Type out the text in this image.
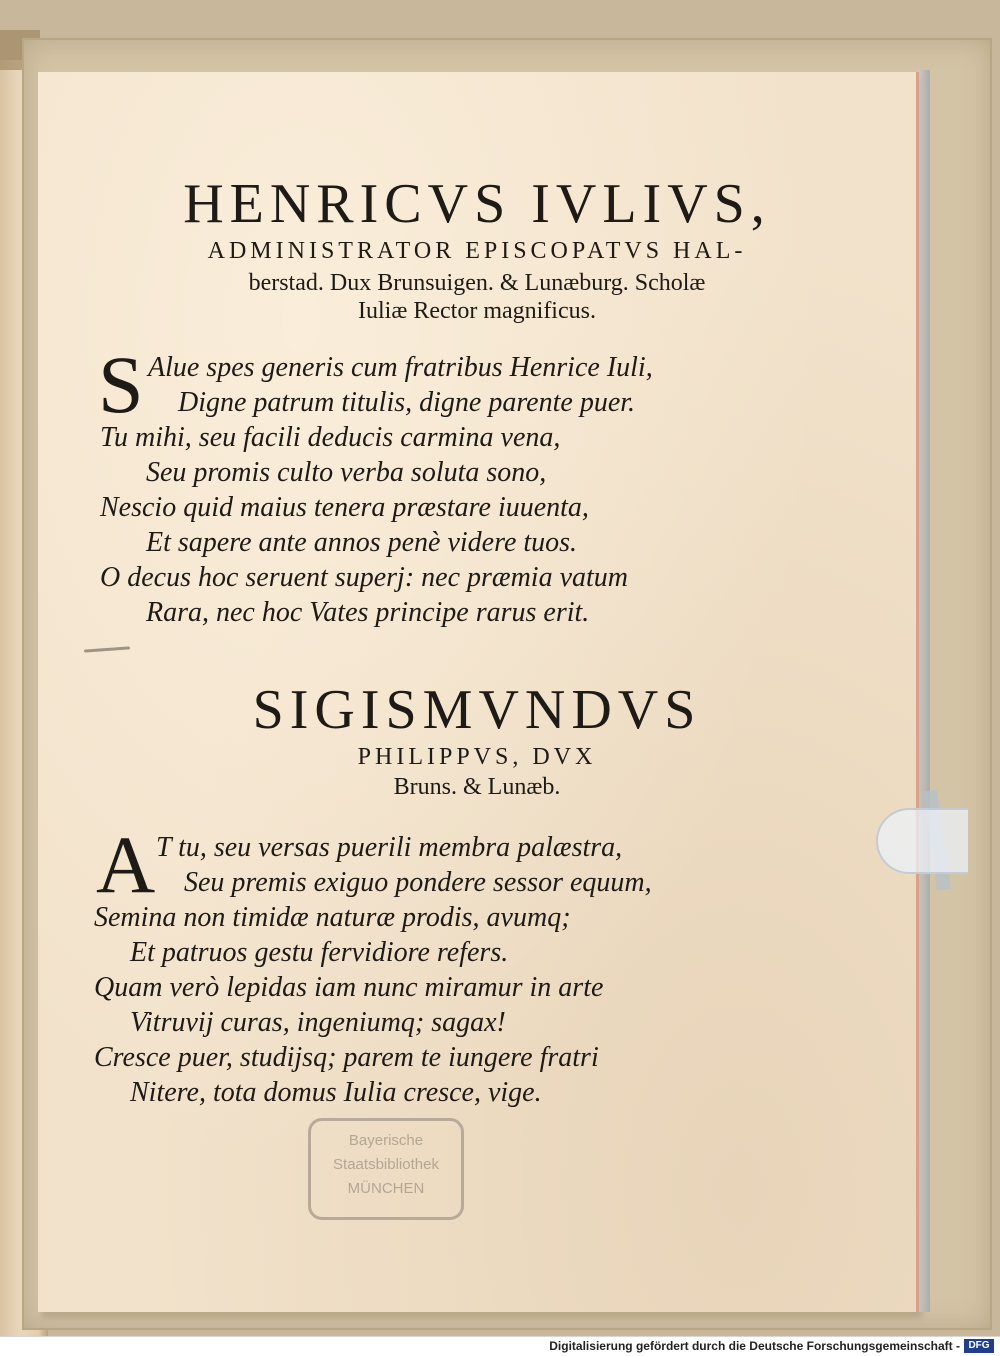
HENRICVS IVLIVS,
ADMINISTRATOR EPISCOPATVS HAL-
berstad. Dux Brunsuigen. & Lunæburg. Scholæ
Iuliæ Rector magnificus.
S Alue spes generis cum fratribus Henrice Iuli,
Digne patrum titulis, digne parente puer.
Tu mihi, seu facili deducis carmina vena,
Seu promis culto verba soluta sono,
Nescio quid maius tenera præstare iuuenta,
Et sapere ante annos penè videre tuos.
O decus hoc seruent superj: nec præmia vatum
Rara, nec hoc Vates principe rarus erit.
SIGISMVNDVS
PHILIPPVS, DVX
Bruns. & Lunæb.
A T tu, seu versas puerili membra palæstra,
Seu premis exiguo pondere sessor equum,
Semina non timidæ naturæ prodis, avumq;
Et patruos gestu fervidiore refers.
Quam verò lepidas iam nunc miramur in arte
Vitruvij curas, ingeniumq; sagax!
Cresce puer, studijsq; parem te iungere fratri
Nitere, tota domus Iulia cresce, vige.
Bayerische
Staatsbibliothek
MÜNCHEN
Digitalisierung gefördert durch die Deutsche Forschungsgemeinschaft - DFG
